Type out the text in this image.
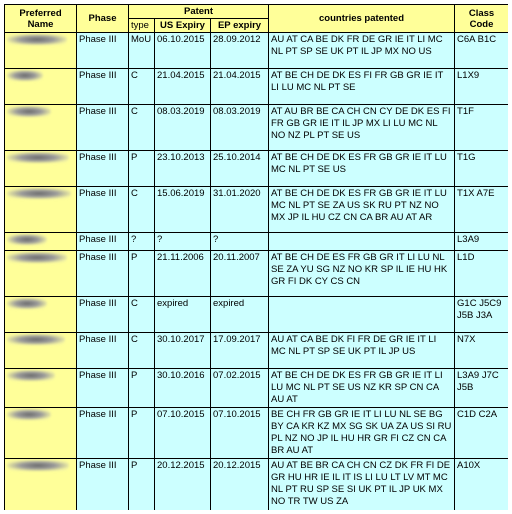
Preferred Name	Phase	Patent			countries patented	Class Code
		type	US Expiry	EP expiry		
	Phase III	MoU	06.10.2015	28.09.2012	AU AT CA BE DK FR DE GR IE IT LI MC NL PT SP SE UK PT IL JP MX NO US	C6A B1C
	Phase III	C	21.04.2015	21.04.2015	AT BE CH DE DK ES FI FR GB GR IE IT LI LU MC NL PT SE	L1X9
	Phase III	C	08.03.2019	08.03.2019	AT AU BR BE CA CH CN CY DE DK ES FI FR GB GR IE IT IL JP MX LI LU MC NL NO NZ PL PT SE US	T1F
	Phase III	P	23.10.2013	25.10.2014	AT BE CH DE DK ES FR GB GR IE IT LU MC NL PT SE US	T1G
	Phase III	C	15.06.2019	31.01.2020	AT BE CH DE DK ES FR GB GR IE IT LU MC NL PT SE ZA US SK RU PT NZ NO MX JP IL HU CZ CN CA BR AU AT AR	T1X A7E
	Phase III	?	?	?		L3A9
	Phase III	P	21.11.2006	20.11.2007	AT BE CH DE ES FR GB GR IT LI LU NL SE ZA YU SG NZ NO KR SP IL IE HU HK GR FI DK CY CS CN	L1D
	Phase III	C	expired	expired		G1C J5C9 J5B J3A
	Phase III	C	30.10.2017	17.09.2017	AU AT CA BE DK FI FR DE GR IE IT LI MC NL PT SP SE UK PT IL JP US	N7X
	Phase III	P	30.10.2016	07.02.2015	AT BE CH DE DK ES FR GB GR IE IT LI LU MC NL PT SE US NZ KR SP CN CA AU AT	L3A9 J7C J5B
	Phase III	P	07.10.2015	07.10.2015	BE CH FR GB GR IE IT LI LU NL SE BG BY CA KR KZ MX SG SK UA ZA US SI RU PL NZ NO JP IL HU HR GR FI CZ CN CA BR AU AT	C1D C2A
	Phase III	P	20.12.2015	20.12.2015	AU AT BE BR CA CH CN CZ DK FR FI DE GR HU HR IE IL IT IS LI LU LT LV MT MC NL PT RU SP SE SI UK PT IL JP UK MX NO TR TW US ZA	A10X
